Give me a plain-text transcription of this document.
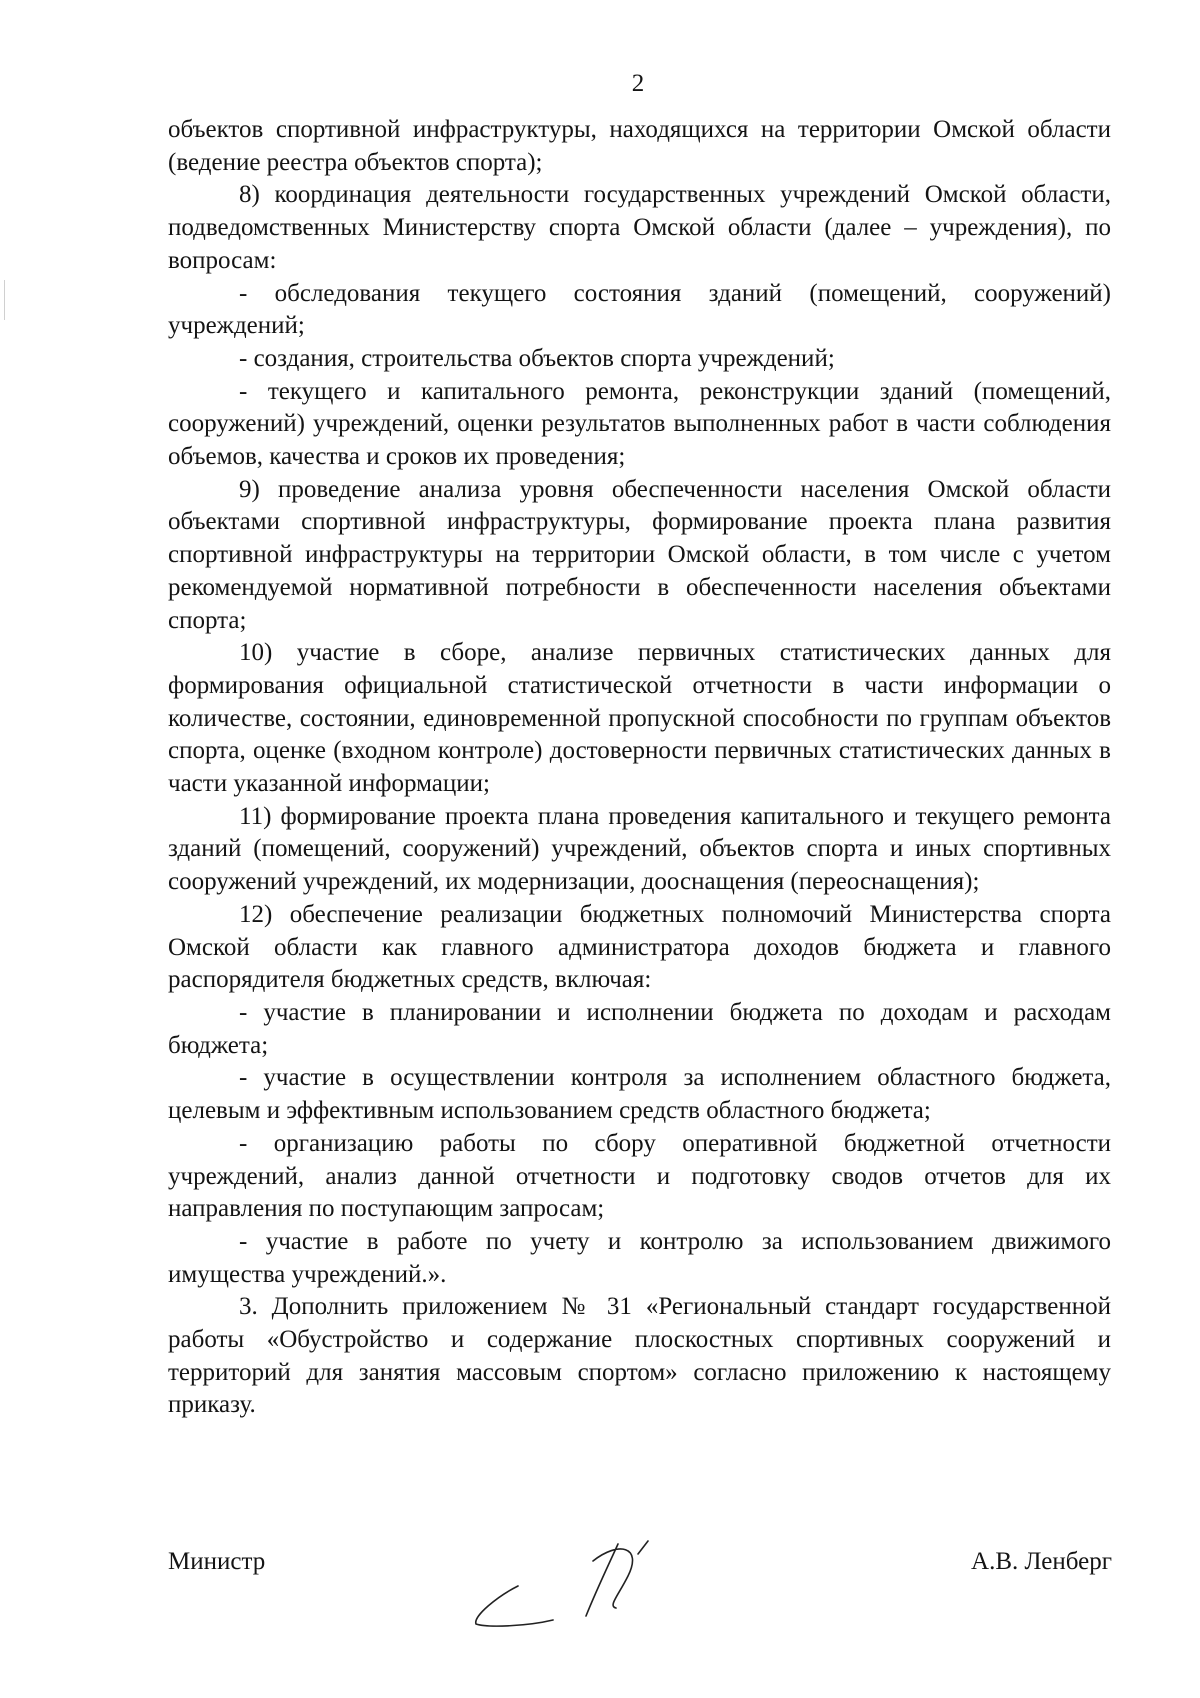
2

объектов спортивной инфраструктуры, находящихся на территории Омской области (ведение реестра объектов спорта);

8) координация деятельности государственных учреждений Омской области, подведомственных Министерству спорта Омской области (далее – учреждения), по вопросам:

- обследования текущего состояния зданий (помещений, сооружений) учреждений;

- создания, строительства объектов спорта учреждений;

- текущего и капитального ремонта, реконструкции зданий (помещений, сооружений) учреждений, оценки результатов выполненных работ в части соблюдения объемов, качества и сроков их проведения;

9) проведение анализа уровня обеспеченности населения Омской области объектами спортивной инфраструктуры, формирование проекта плана развития спортивной инфраструктуры на территории Омской области, в том числе с учетом рекомендуемой нормативной потребности в обеспеченности населения объектами спорта;

10) участие в сборе, анализе первичных статистических данных для формирования официальной статистической отчетности в части информации о количестве, состоянии, единовременной пропускной способности по группам объектов спорта, оценке (входном контроле) достоверности первичных статистических данных в части указанной информации;

11) формирование проекта плана проведения капитального и текущего ремонта зданий (помещений, сооружений) учреждений, объектов спорта и иных спортивных сооружений учреждений, их модернизации, дооснащения (переоснащения);

12) обеспечение реализации бюджетных полномочий Министерства спорта Омской области как главного администратора доходов бюджета и главного распорядителя бюджетных средств, включая:

- участие в планировании и исполнении бюджета по доходам и расходам бюджета;

- участие в осуществлении контроля за исполнением областного бюджета, целевым и эффективным использованием средств областного бюджета;

- организацию работы по сбору оперативной бюджетной отчетности учреждений, анализ данной отчетности и подготовку сводов отчетов для их направления по поступающим запросам;

- участие в работе по учету и контролю за использованием движимого имущества учреждений.».

3. Дополнить приложением № 31 «Региональный стандарт государственной работы «Обустройство и содержание плоскостных спортивных сооружений и территорий для занятия массовым спортом» согласно приложению к настоящему приказу.

Министр	А.В. Ленберг
